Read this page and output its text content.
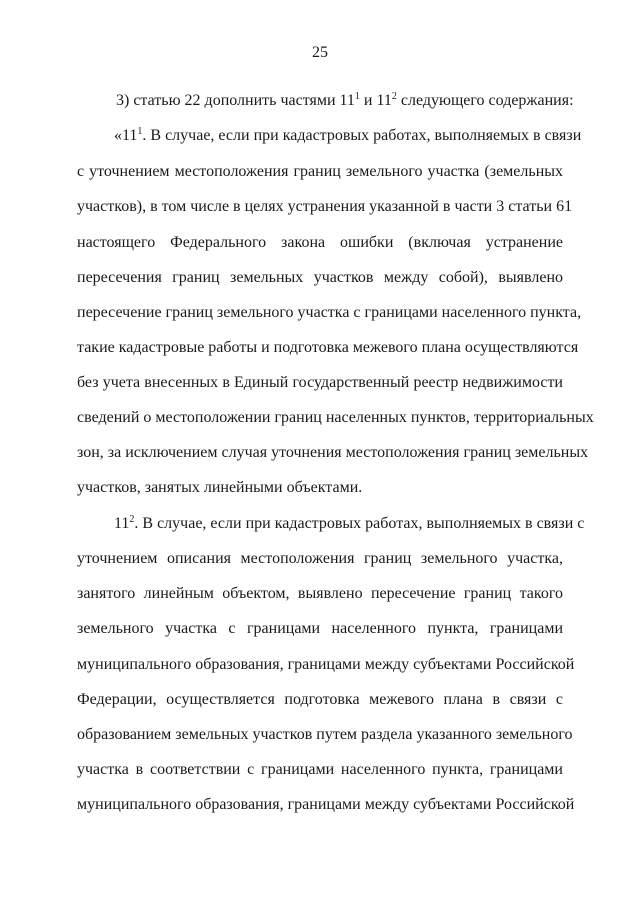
25
3) статью 22 дополнить частями $11^1$ и $11^2$ следующего содержания:
«$11^1$. В случае, если при кадастровых работах, выполняемых в связи
с уточнением местоположения границ земельного участка (земельных
участков), в том числе в целях устранения указанной в части 3 статьи 61
настоящего Федерального закона ошибки (включая устранение
пересечения границ земельных участков между собой), выявлено
пересечение границ земельного участка с границами населенного пункта,
такие кадастровые работы и подготовка межевого плана осуществляются
без учета внесенных в Единый государственный реестр недвижимости
сведений о местоположении границ населенных пунктов, территориальных
зон, за исключением случая уточнения местоположения границ земельных
участков, занятых линейными объектами.
$11^2$. В случае, если при кадастровых работах, выполняемых в связи с
уточнением описания местоположения границ земельного участка,
занятого линейным объектом, выявлено пересечение границ такого
земельного участка с границами населенного пункта, границами
муниципального образования, границами между субъектами Российской
Федерации, осуществляется подготовка межевого плана в связи с
образованием земельных участков путем раздела указанного земельного
участка в соответствии с границами населенного пункта, границами
муниципального образования, границами между субъектами Российской
